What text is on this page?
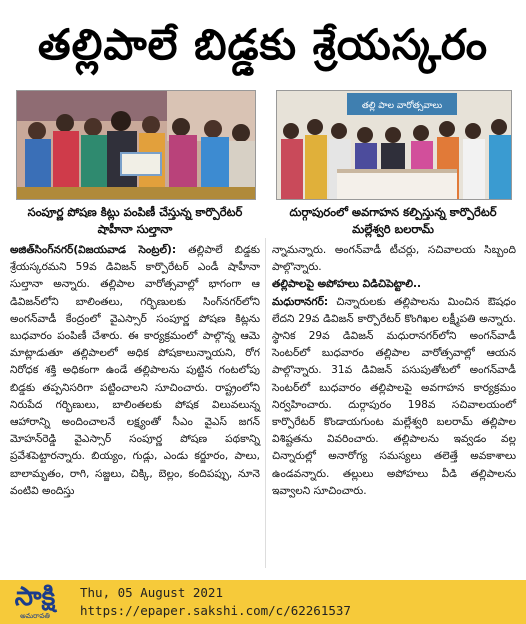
తల్లిపాలే బిడ్డకు శ్రేయస్కరం
తల్లి పాల వారోత్సవాలు
సంపూర్ణ పోషణ కిట్లు పంపిణీ చేస్తున్న కార్పొరేటర్ షాహీనా సుల్తానా
దుర్గాపురంలో అవగాహన కల్పిస్తున్న కార్పొరేటర్ మల్లేశ్వరి బలరామ్

అజిత్‌సింగ్‌నగర్(విజయవాడ సెంట్రల్): తల్లిపాలే బిడ్డకు శ్రేయస్కరమని 59వ డివిజన్ కార్పొరేటర్ ఎండీ షాహీనా సుల్తానా అన్నారు. తల్లిపాల వారోత్సవాల్లో భాగంగా ఆ డివిజన్‌లోని బాలింతలు, గర్భిణులకు సింగ్‌నగర్‌లోని అంగన్‌వాడీ కేంద్రంలో వైఎస్సార్ సంపూర్ణ పోషణ కిట్లను బుధవారం పంపిణీ చేశారు. ఈ కార్యక్రమంలో పాల్గొన్న ఆమె మాట్లాడుతూ తల్లిపాలలో అధిక పోషకాలున్నాయని, రోగ నిరోధక శక్తి అధికంగా ఉండే తల్లిపాలను పుట్టిన గంటలోపు బిడ్డకు తప్పనిసరిగా పట్టించాలని సూచించారు. రాష్ట్రంలోని నిరుపేద గర్భిణులు, బాలింతలకు పోషక విలువలున్న ఆహారాన్ని అందించాలనే లక్ష్యంతో సీఎం వైఎస్ జగన్ మోహన్‌రెడ్డి వైఎస్సార్ సంపూర్ణ పోషణ పథకాన్ని ప్రవేశపెట్టారన్నారు. బియ్యం, గుడ్లు, ఎండు కర్జూరం, పాలు, బాలామృతం, రాగి, సజ్జలు, చిక్కి, బెల్లం, కందిపప్పు, నూనె వంటివి అందిస్తు

న్నామన్నారు. అంగన్‌వాడీ టీచర్లు, సచివాలయ సిబ్బంది పాల్గొన్నారు.

తల్లిపాలపై అపోహలు విడిచిపెట్టాలి..

మధురానగర్: చిన్నారులకు తల్లిపాలను మించిన ఔషధం లేదని 29వ డివిజన్ కార్పొరేటర్ కొంగిఖల లక్ష్మీపతి అన్నారు. స్థానిక 29వ డివిజన్ మధురానగర్‌లోని అంగన్‌వాడీ సెంటర్‌లో బుధవారం తల్లిపాల వారోత్సవాల్లో ఆయన పాల్గొన్నారు. 31వ డివిజన్ పసుపుతోటలో అంగన్‌వాడీ సెంటర్‌లో బుధవారం తల్లిపాలపై అవగాహన కార్యక్రమం నిర్వహించారు. దుర్గాపురం 198వ సచివాలయంలో కార్పొరేటర్ కొండాయగుంట మల్లేశ్వరి బలరామ్ తల్లిపాల విశిష్టతను వివరించారు. తల్లిపాలను ఇవ్వడం వల్ల చిన్నారుల్లో అనారోగ్య సమస్యలు తలెత్తే అవకాశాలు ఉండవన్నారు. తల్లులు అపోహలు వీడి తల్లిపాలను ఇవ్వాలని సూచించారు.

సాక్షి
అమరావతి
Thu, 05 August 2021
https://epaper.sakshi.com/c/62261537
